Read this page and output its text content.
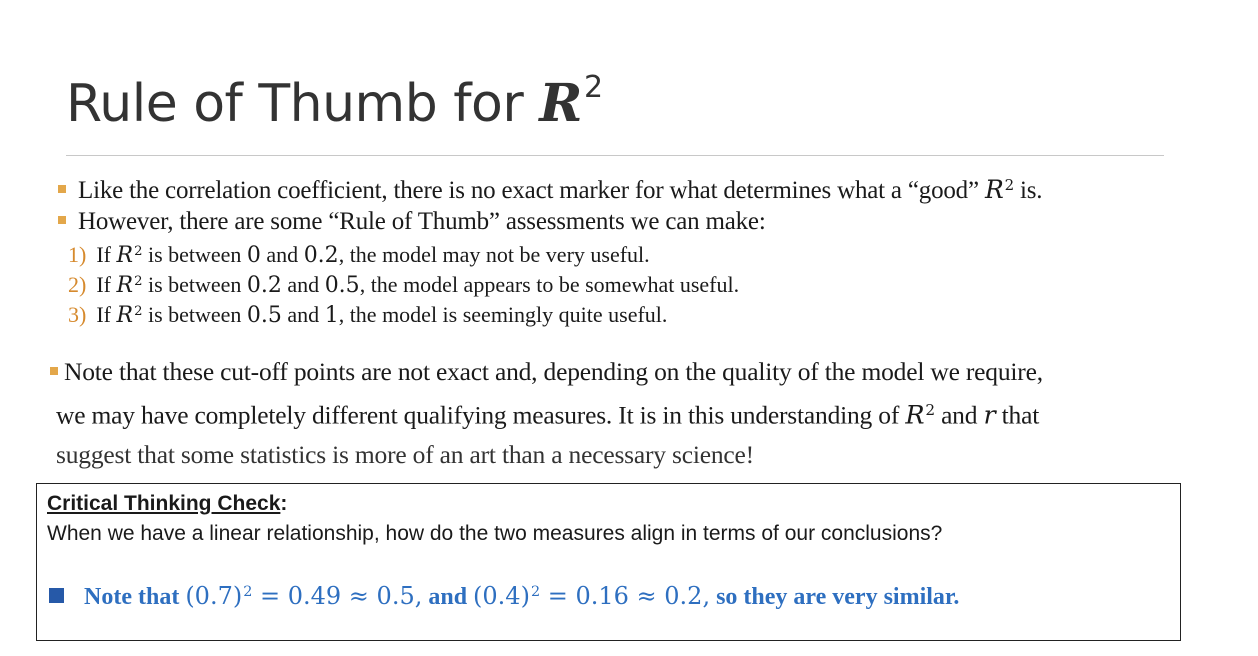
Rule of Thumb for $R^2$
Like the correlation coefficient, there is no exact marker for what determines what a “good” $R^2$ is.
However, there are some “Rule of Thumb” assessments we can make:
1) If $R^2$ is between 0 and 0.2, the model may not be very useful.
2) If $R^2$ is between 0.2 and 0.5, the model appears to be somewhat useful.
3) If $R^2$ is between 0.5 and 1, the model is seemingly quite useful.
Note that these cut-off points are not exact and, depending on the quality of the model we require,
we may have completely different qualifying measures. It is in this understanding of $R^2$ and r that
suggest that some statistics is more of an art than a necessary science!
Critical Thinking Check:
When we have a linear relationship, how do the two measures align in terms of our conclusions?
Note that $(0.7)^2 = 0.49 \approx 0.5$, and $(0.4)^2 = 0.16 \approx 0.2$, so they are very similar.
